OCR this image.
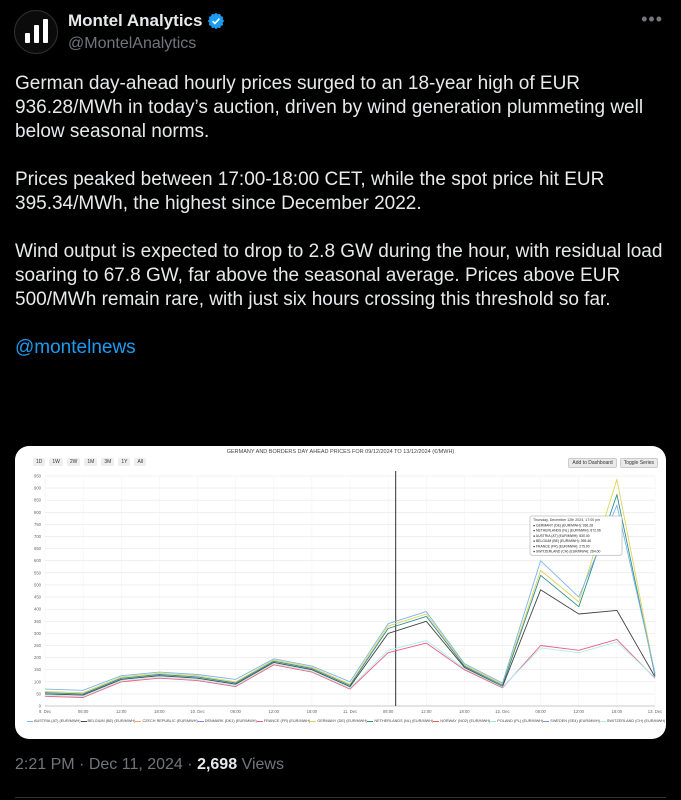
Montel Analytics
@MontelAnalytics
•••

German day-ahead hourly prices surged to an 18-year high of EUR 936.28/MWh in today’s auction, driven by wind generation plummeting well below seasonal norms.

Prices peaked between 17:00-18:00 CET, while the spot price hit EUR 395.34/MWh, the highest since December 2022.

Wind output is expected to drop to 2.8 GW during the hour, with residual load soaring to 67.8 GW, far above the seasonal average. Prices above EUR 500/MWh remain rare, with just six hours crossing this threshold so far.

@montelnews

GERMANY AND BORDERS DAY AHEAD PRICES FOR 09/12/2024 TO 13/12/2024 (€/MWH)
1D	1W	2W	1M	3M	1Y	All	Add to Dashboard	Toggle Series
0
50
100
150
200
250
300
350
400
450
500
550
600
650
700
750
800
850
900
950
9. Dec	06:00	12:00	18:00	10. Dec	06:00	12:00	18:00	11. Dec	06:00	12:00	18:00	12. Dec	06:00	12:00	18:00	13. Dec
Thursday, December 12th 2024, 17:00 pm
● GERMANY (DE) (EUR/MWH): 936.28
● NETHERLANDS (NL) (EUR/MWH): 872.96
● AUSTRIA (AT) (EUR/MWH): 830.00
● BELGIUM (BE) (EUR/MWH): 395.46
● FRANCE (FR) (EUR/MWH): 275.00
● SWITZERLAND (CH) (EUR/MWH): 264.00
AUSTRIA (AT) (EUR/MWH)	BELGIUM (BE) (EUR/MWH)	CZECH REPUBLIC (EUR/MWH)	DENMARK (DK1) (EUR/MWH)	FRANCE (FR) (EUR/MWH)	GERMANY (DE) (EUR/MWH)	NETHERLANDS (NL) (EUR/MWH)	NORWAY (NO2) (EUR/MWH)	POLAND (PL) (EUR/MWH)	SWEDEN (SE4) (EUR/MWH)	SWITZERLAND (CH) (EUR/MWH)
2:21 PM · Dec 11, 2024 · 2,698 Views
